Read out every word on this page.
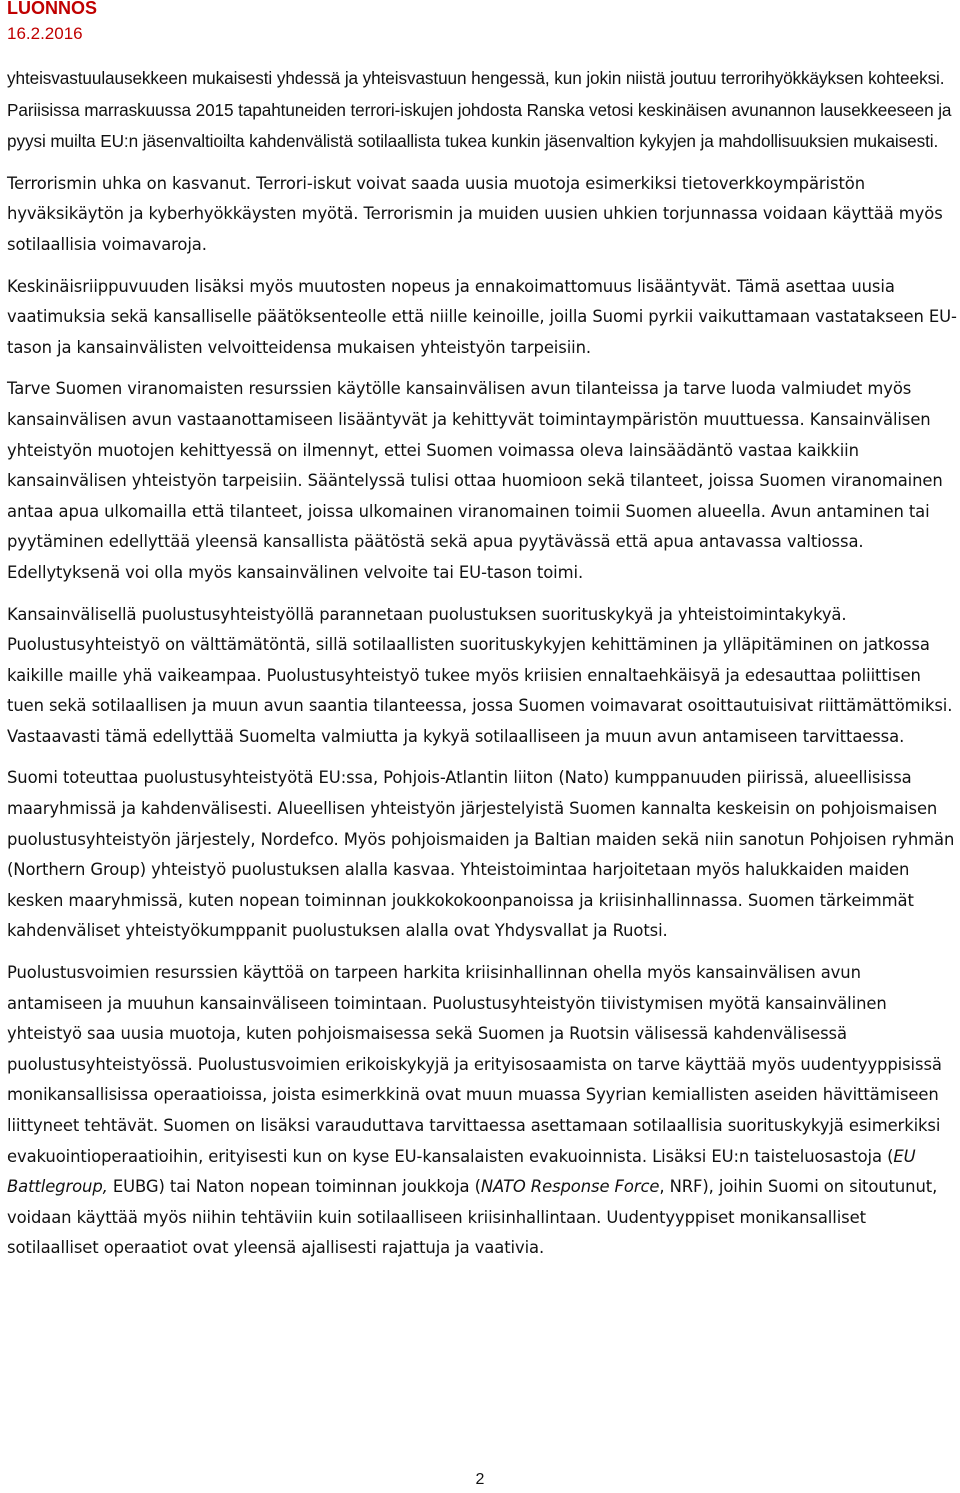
LUONNOS
16.2.2016

yhteisvastuulausekkeen mukaisesti yhdessä ja yhteisvastuun hengessä, kun jokin niistä joutuu terrorihyökkäyksen kohteeksi. Pariisissa marraskuussa 2015 tapahtuneiden terrori-iskujen johdosta Ranska vetosi keskinäisen avunannon lausekkeeseen ja pyysi muilta EU:n jäsenvaltioilta kahdenvälistä sotilaallista tukea kunkin jäsenvaltion kykyjen ja mahdollisuuksien mukaisesti.

Terrorismin uhka on kasvanut. Terrori-iskut voivat saada uusia muotoja esimerkiksi tietoverkkoympäristön hyväksikäytön ja kyberhyökkäysten myötä. Terrorismin ja muiden uusien uhkien torjunnassa voidaan käyttää myös sotilaallisia voimavaroja.

Keskinäisriippuvuuden lisäksi myös muutosten nopeus ja ennakoimattomuus lisääntyvät. Tämä asettaa uusia vaatimuksia sekä kansalliselle päätöksenteolle että niille keinoille, joilla Suomi pyrkii vaikuttamaan vastatakseen EU-tason ja kansainvälisten velvoitteidensa mukaisen yhteistyön tarpeisiin.

Tarve Suomen viranomaisten resurssien käytölle kansainvälisen avun tilanteissa ja tarve luoda valmiudet myös kansainvälisen avun vastaanottamiseen lisääntyvät ja kehittyvät toimintaympäristön muuttuessa. Kansainvälisen yhteistyön muotojen kehittyessä on ilmennyt, ettei Suomen voimassa oleva lainsäädäntö vastaa kaikkiin kansainvälisen yhteistyön tarpeisiin. Sääntelyssä tulisi ottaa huomioon sekä tilanteet, joissa Suomen viranomainen antaa apua ulkomailla että tilanteet, joissa ulkomainen viranomainen toimii Suomen alueella. Avun antaminen tai pyytäminen edellyttää yleensä kansallista päätöstä sekä apua pyytävässä että apua antavassa valtiossa. Edellytyksenä voi olla myös kansainvälinen velvoite tai EU-tason toimi.

Kansainvälisellä puolustusyhteistyöllä parannetaan puolustuksen suorituskykyä ja yhteistoimintakykyä. Puolustusyhteistyö on välttämätöntä, sillä sotilaallisten suorituskykyjen kehittäminen ja ylläpitäminen on jatkossa kaikille maille yhä vaikeampaa. Puolustusyhteistyö tukee myös kriisien ennaltaehkäisyä ja edesauttaa poliittisen tuen sekä sotilaallisen ja muun avun saantia tilanteessa, jossa Suomen voimavarat osoittautuisivat riittämättömiksi. Vastaavasti tämä edellyttää Suomelta valmiutta ja kykyä sotilaalliseen ja muun avun antamiseen tarvittaessa.

Suomi toteuttaa puolustusyhteistyötä EU:ssa, Pohjois-Atlantin liiton (Nato) kumppanuuden piirissä, alueellisissa maaryhmissä ja kahdenvälisesti. Alueellisen yhteistyön järjestelyistä Suomen kannalta keskeisin on pohjoismaisen puolustusyhteistyön järjestely, Nordefco. Myös pohjoismaiden ja Baltian maiden sekä niin sanotun Pohjoisen ryhmän (Northern Group) yhteistyö puolustuksen alalla kasvaa. Yhteistoimintaa harjoitetaan myös halukkaiden maiden kesken maaryhmissä, kuten nopean toiminnan joukkokokoonpanoissa ja kriisinhallinnassa. Suomen tärkeimmät kahdenväliset yhteistyökumppanit puolustuksen alalla ovat Yhdysvallat ja Ruotsi.

Puolustusvoimien resurssien käyttöä on tarpeen harkita kriisinhallinnan ohella myös kansainvälisen avun antamiseen ja muuhun kansainväliseen toimintaan. Puolustusyhteistyön tiivistymisen myötä kansainvälinen yhteistyö saa uusia muotoja, kuten pohjoismaisessa sekä Suomen ja Ruotsin välisessä kahdenvälisessä puolustusyhteistyössä. Puolustusvoimien erikoiskykyjä ja erityisosaamista on tarve käyttää myös uudentyyppisissä monikansallisissa operaatioissa, joista esimerkkinä ovat muun muassa Syyrian kemiallisten aseiden hävittämiseen liittyneet tehtävät. Suomen on lisäksi varauduttava tarvittaessa asettamaan sotilaallisia suorituskykyjä esimerkiksi evakuointioperaatioihin, erityisesti kun on kyse EU-kansalaisten evakuoinnista. Lisäksi EU:n taisteluosastoja (EU Battlegroup, EUBG) tai Naton nopean toiminnan joukkoja (NATO Response Force, NRF), joihin Suomi on sitoutunut, voidaan käyttää myös niihin tehtäviin kuin sotilaalliseen kriisinhallintaan. Uudentyyppiset monikansalliset sotilaalliset operaatiot ovat yleensä ajallisesti rajattuja ja vaativia.

2
